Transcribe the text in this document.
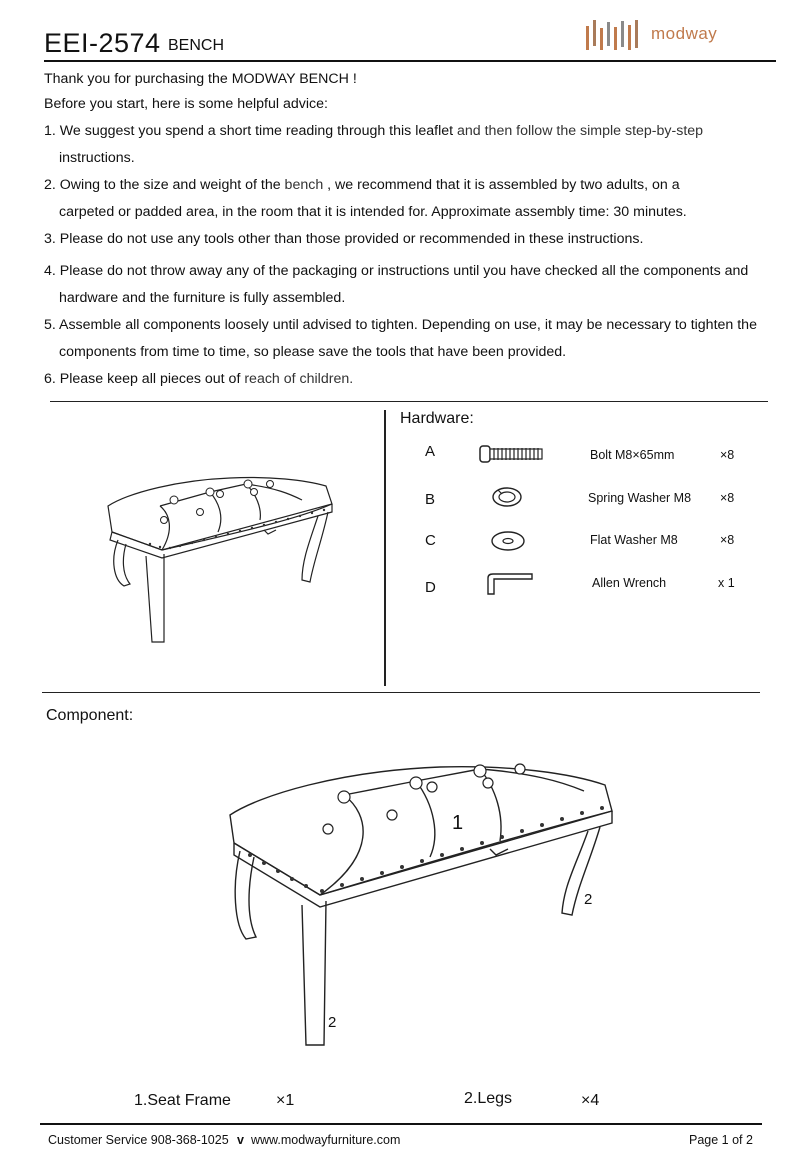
EEI-2574 BENCH
modway
Thank you for purchasing the MODWAY BENCH !
Before you start, here is some helpful advice:
1. We suggest you spend a short time reading through this leaflet and then follow the simple step-by-step
instructions.
2. Owing to the size and weight of the bench , we recommend that it is assembled by two adults, on a
carpeted or padded area, in the room that it is intended for. Approximate assembly time: 30 minutes.
3. Please do not use any tools other than those provided or recommended in these instructions.
4. Please do not throw away any of the packaging or instructions until you have checked all the components and
hardware and the furniture is fully assembled.
5. Assemble all components loosely until advised to tighten. Depending on use, it may be necessary to tighten the
components from time to time, so please save the tools that have been provided.
6. Please keep all pieces out of reach of children.
Hardware:
A	Bolt M8×65mm	×8
B	Spring Washer M8 ×8
C	Flat Washer M8	×8
D	Allen Wrench	x 1
Component:
1
2
2
1.Seat Frame	×1	2.Legs	×4
Customer Service 908-368-1025 v www.modwayfurniture.com	Page 1 of 2
